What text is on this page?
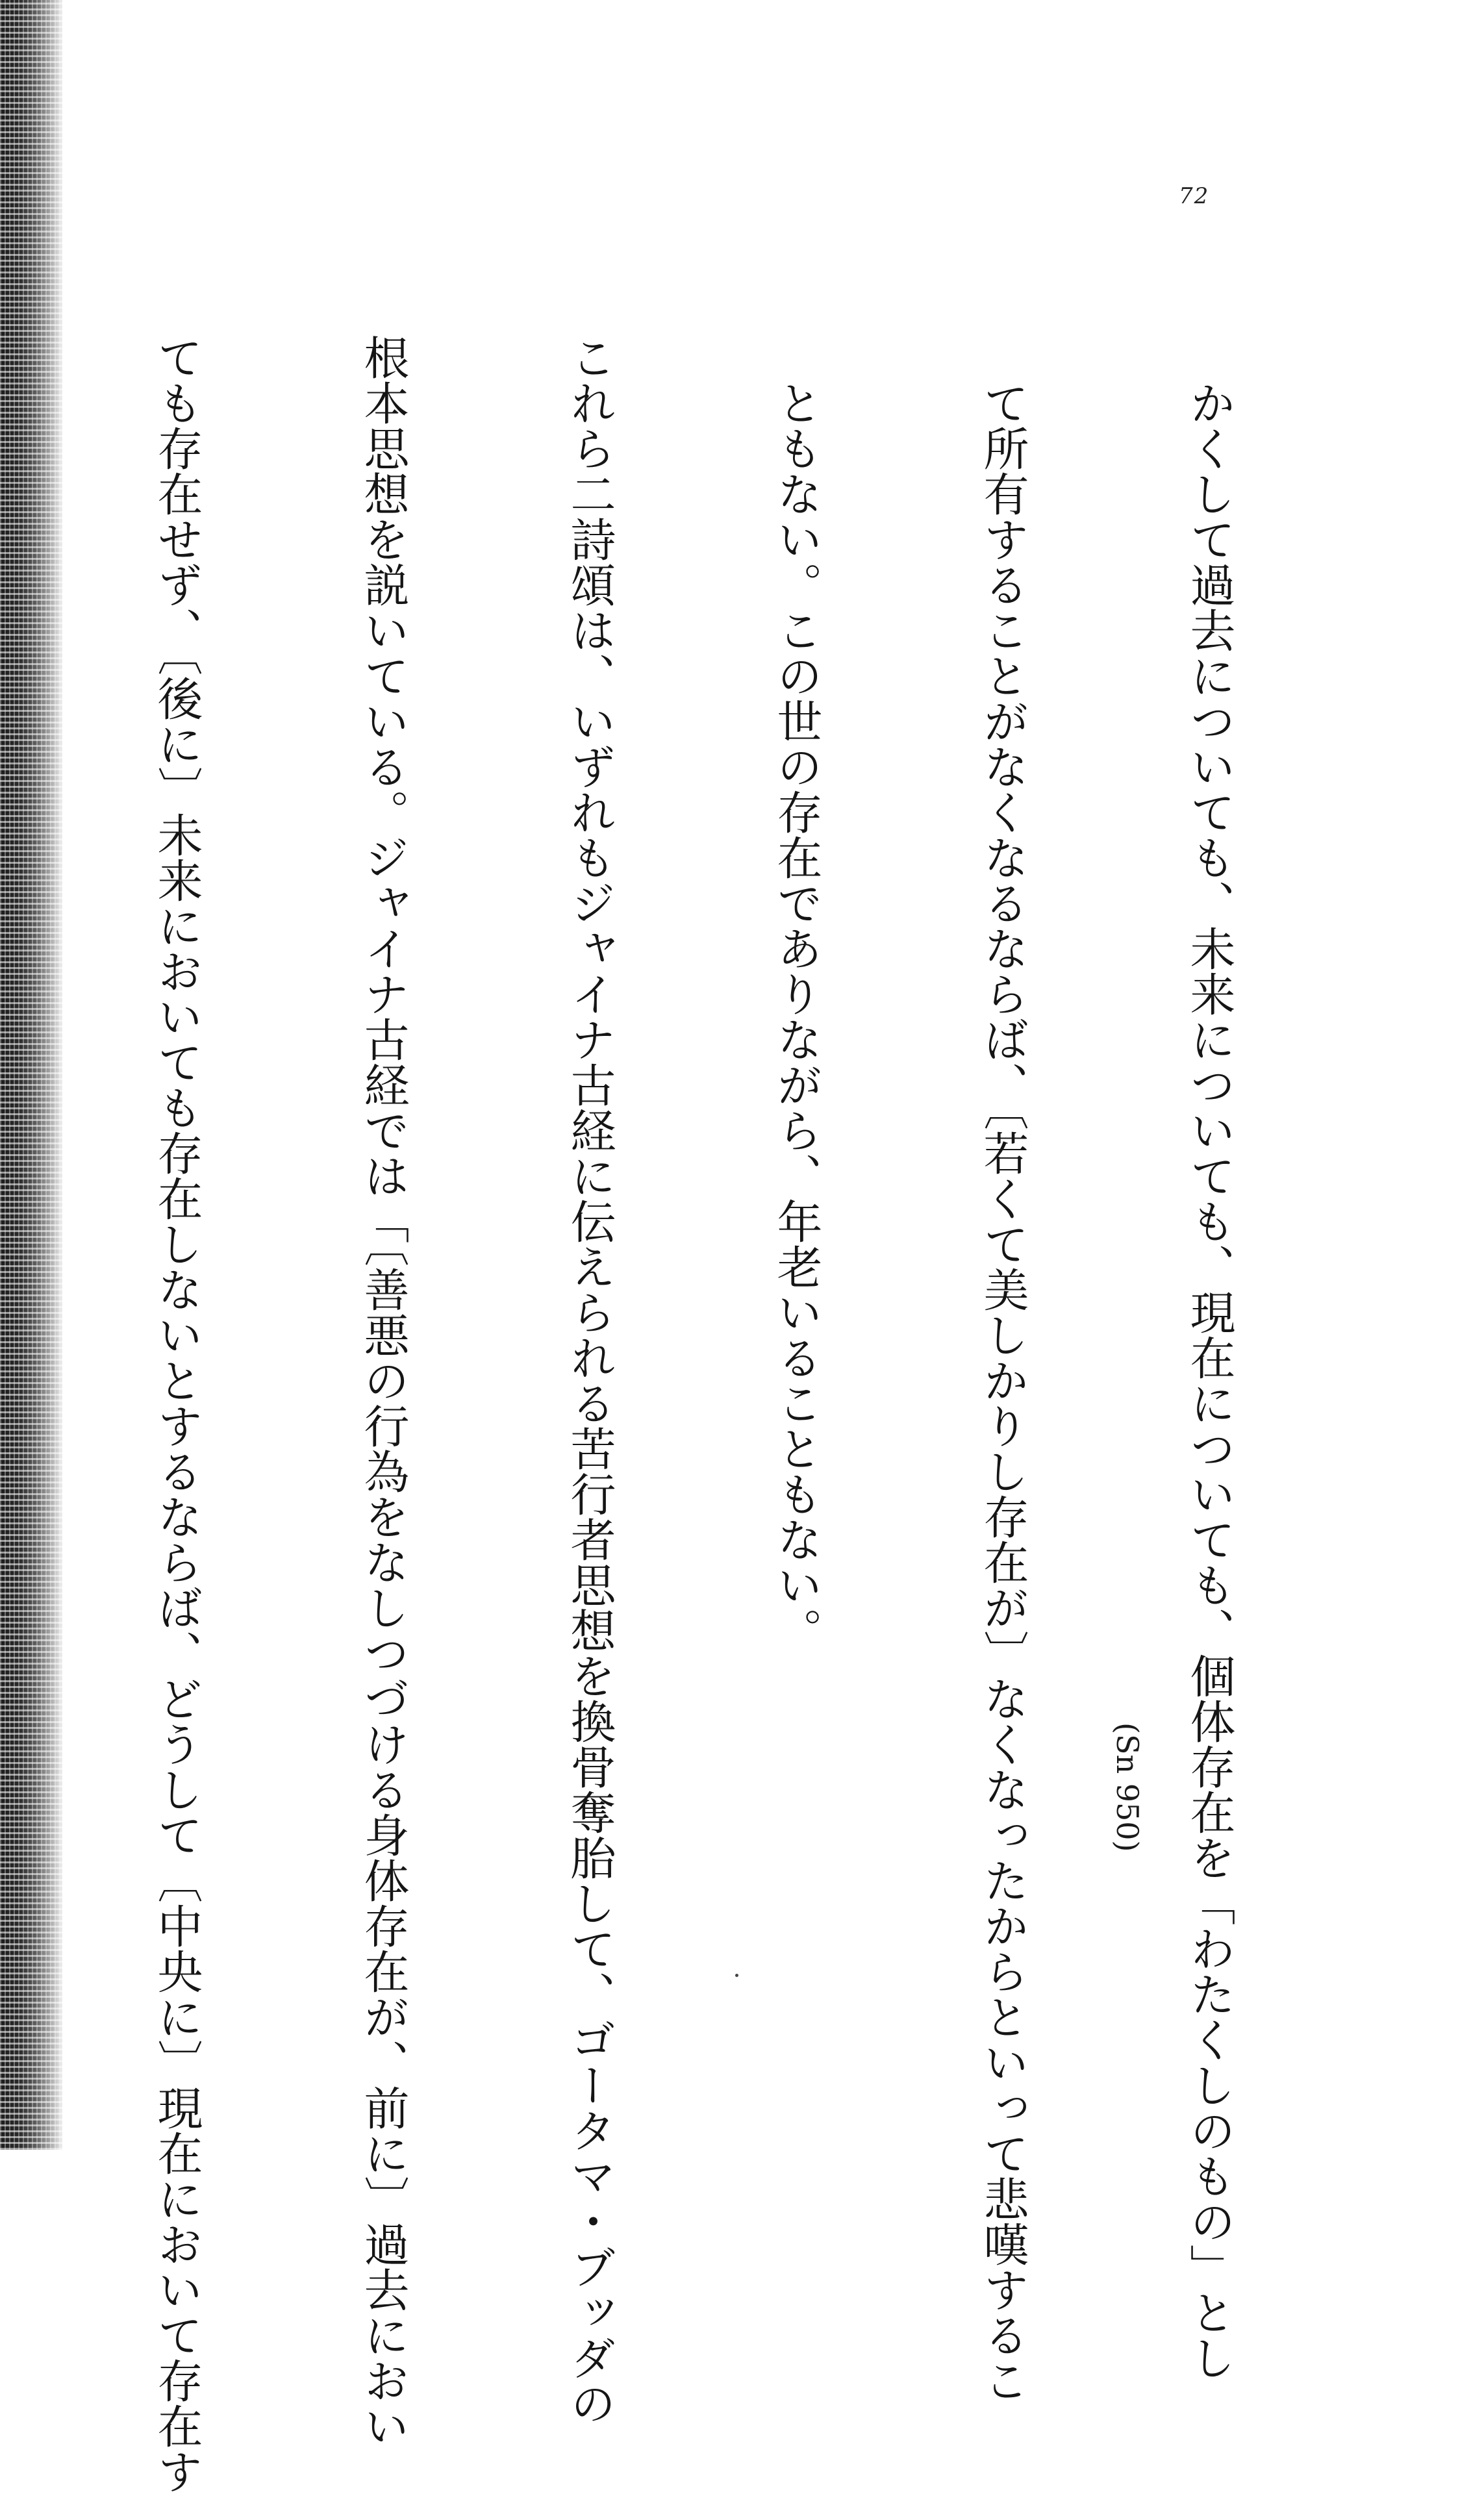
72

かくして過去についても、未来についても、現在についても、個体存在を「わたくしのもの」とし

て所有することがなくなるならば、〔若くて美しかりし存在が〕なくなったからといって悲嘆するこ

ともない。この世の存在でありながら、年老いることもない。

これら二詩頌は、いずれもジャイナ古経に伝えられる苦行者思想を換骨奪胎して、ゴータマ・ブッダの

根本思想を説いている。ジャイナ古経では「〔善悪の行為をなしつづける身体存在が、前に〕過去におい

ても存在せず、〔後に〕未来においても存在しないとするならば、どうして〔中央に〕現在において存在す

	(Sn 950)
